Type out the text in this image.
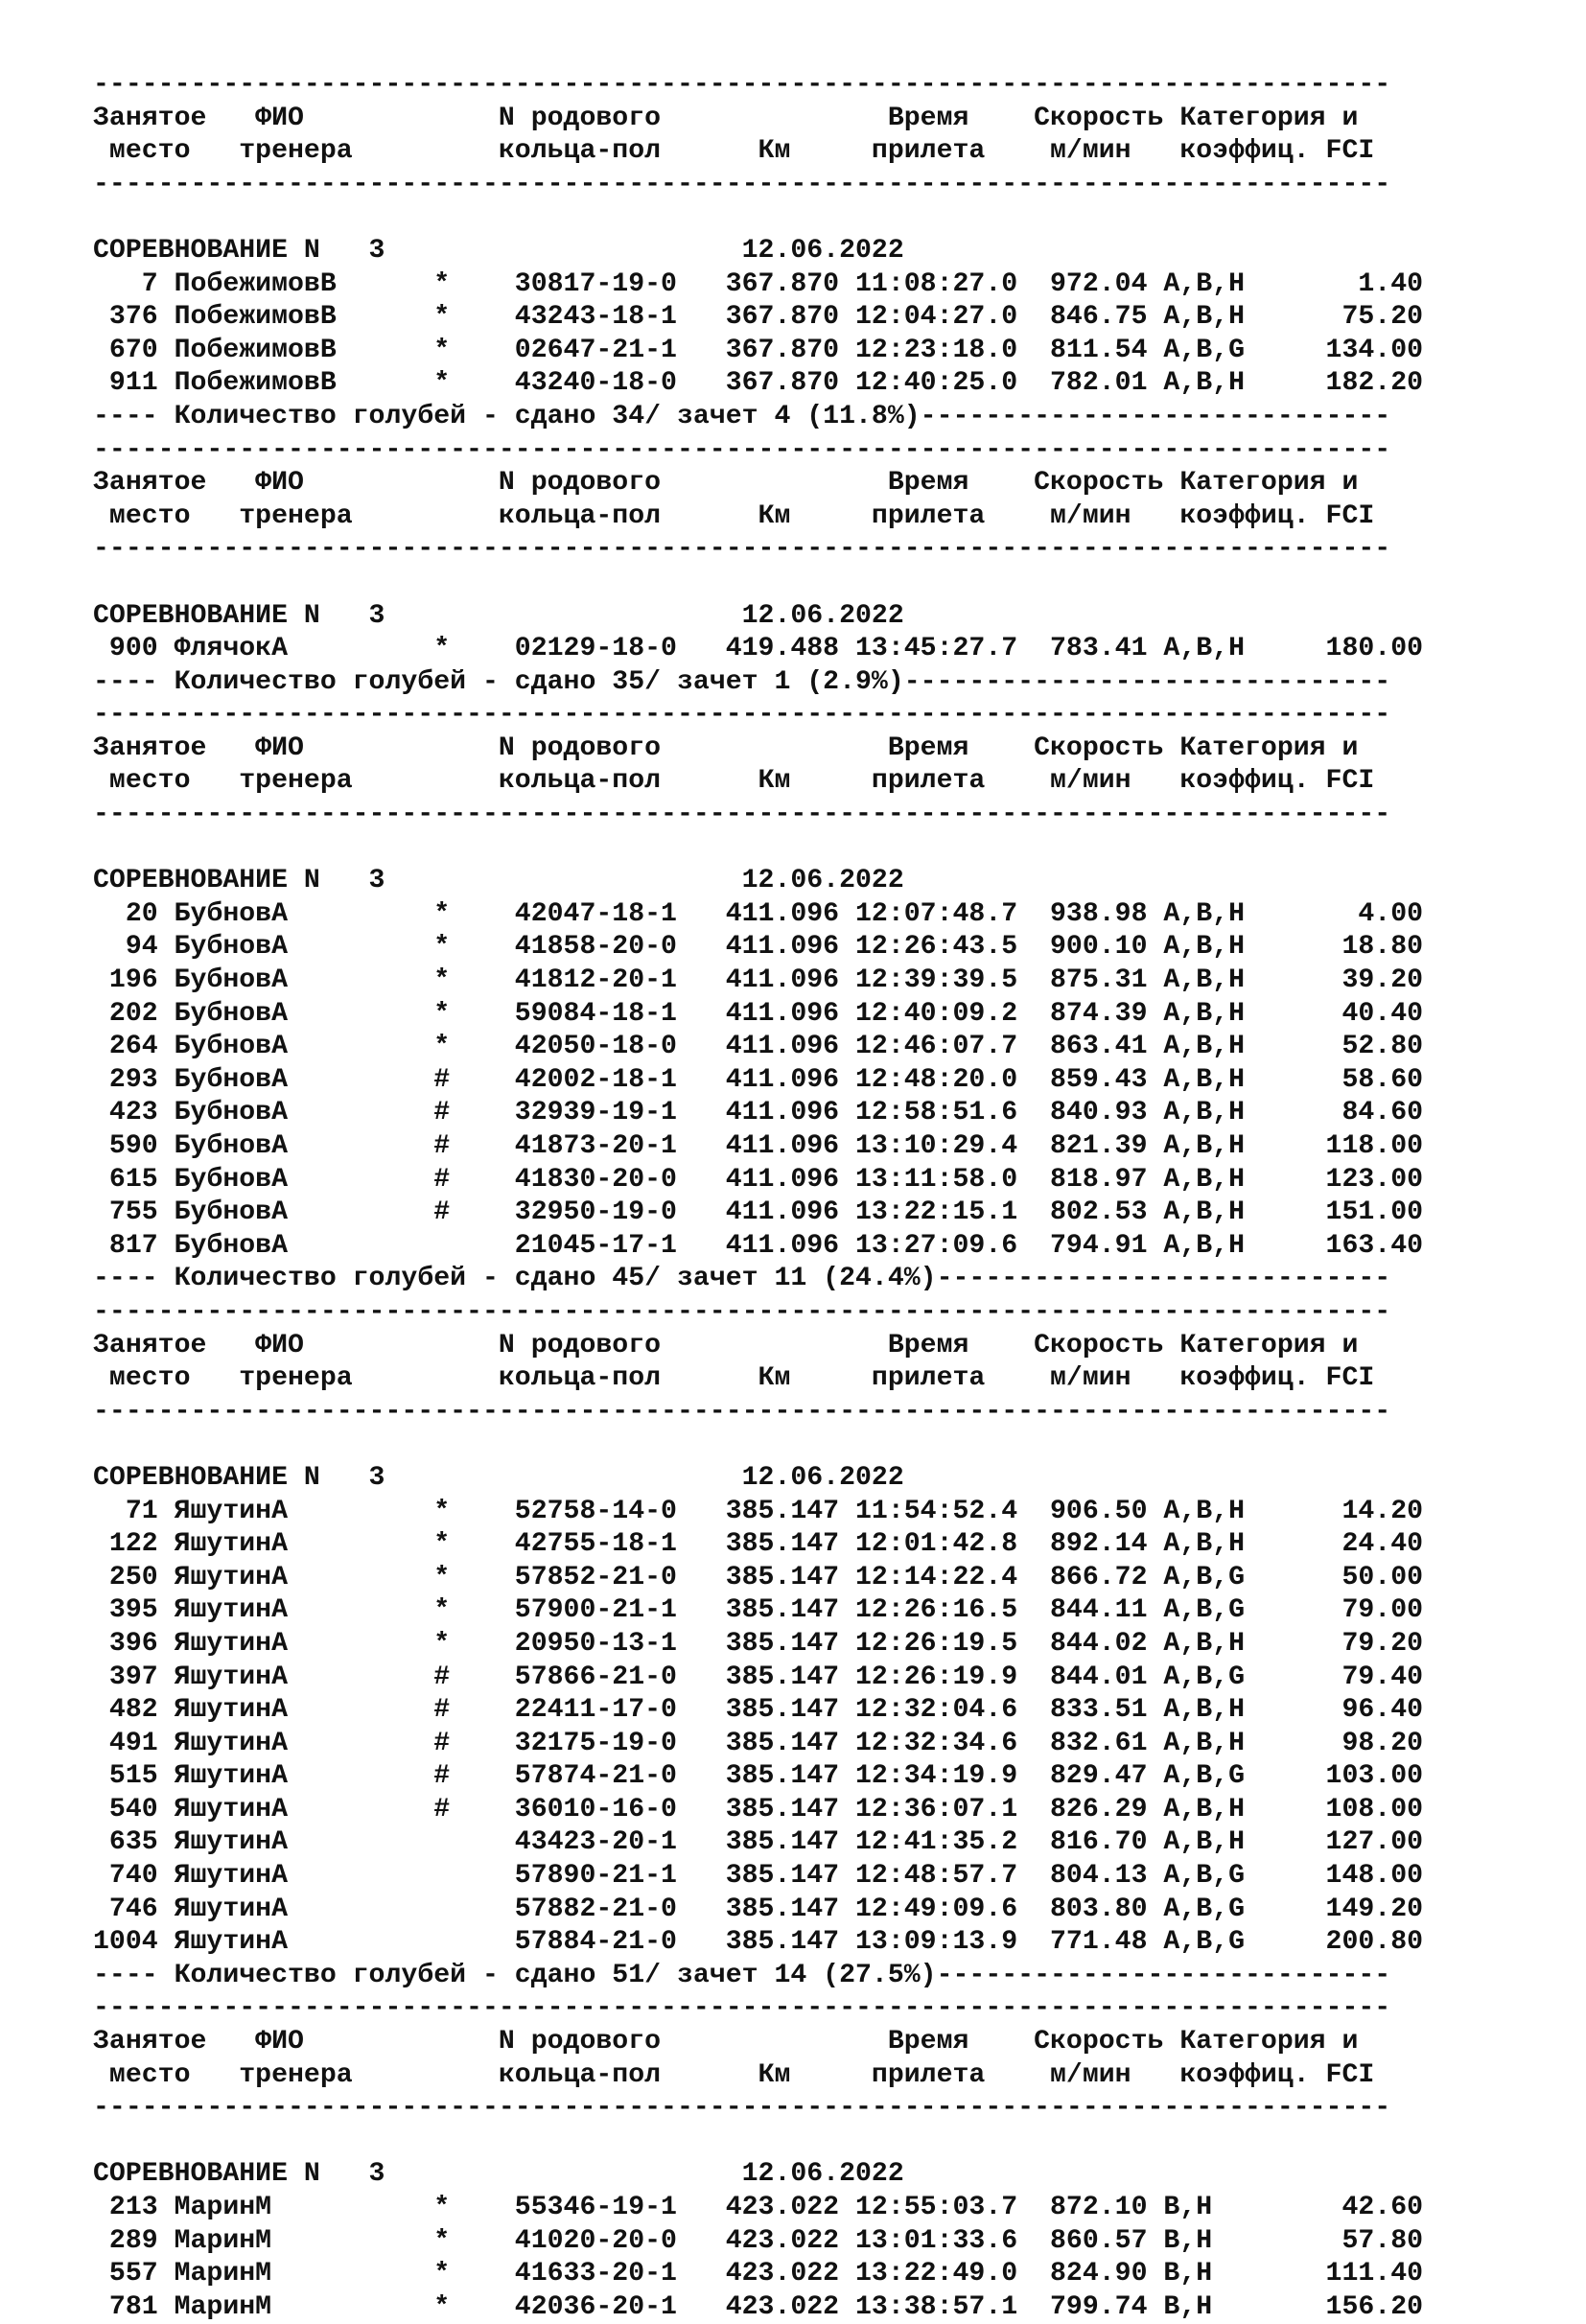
--------------------------------------------------------------------------------
Занятое   ФИО            N родового              Время    Скорость Категория и
место   тренера         кольца-пол      Км     прилета    м/мин   коэффиц. FCI
--------------------------------------------------------------------------------
СОРЕВНОВАНИЕ N   3                      12.06.2022
7 ПобежимовВ      *    30817-19-0   367.870 11:08:27.0  972.04 A,B,H       1.40
376 ПобежимовВ      *    43243-18-1   367.870 12:04:27.0  846.75 A,B,H      75.20
670 ПобежимовВ      *    02647-21-1   367.870 12:23:18.0  811.54 A,B,G     134.00
911 ПобежимовВ      *    43240-18-0   367.870 12:40:25.0  782.01 A,B,H     182.20
---- Количество голубей - сдано 34/ зачет 4 (11.8%)-----------------------------
--------------------------------------------------------------------------------
Занятое   ФИО            N родового              Время    Скорость Категория и
место   тренера         кольца-пол      Км     прилета    м/мин   коэффиц. FCI
--------------------------------------------------------------------------------
СОРЕВНОВАНИЕ N   3                      12.06.2022
900 ФлячокА         *    02129-18-0   419.488 13:45:27.7  783.41 A,B,H     180.00
---- Количество голубей - сдано 35/ зачет 1 (2.9%)------------------------------
--------------------------------------------------------------------------------
Занятое   ФИО            N родового              Время    Скорость Категория и
место   тренера         кольца-пол      Км     прилета    м/мин   коэффиц. FCI
--------------------------------------------------------------------------------
СОРЕВНОВАНИЕ N   3                      12.06.2022
20 БубновА         *    42047-18-1   411.096 12:07:48.7  938.98 A,B,H       4.00
94 БубновА         *    41858-20-0   411.096 12:26:43.5  900.10 A,B,H      18.80
196 БубновА         *    41812-20-1   411.096 12:39:39.5  875.31 A,B,H      39.20
202 БубновА         *    59084-18-1   411.096 12:40:09.2  874.39 A,B,H      40.40
264 БубновА         *    42050-18-0   411.096 12:46:07.7  863.41 A,B,H      52.80
293 БубновА         #    42002-18-1   411.096 12:48:20.0  859.43 A,B,H      58.60
423 БубновА         #    32939-19-1   411.096 12:58:51.6  840.93 A,B,H      84.60
590 БубновА         #    41873-20-1   411.096 13:10:29.4  821.39 A,B,H     118.00
615 БубновА         #    41830-20-0   411.096 13:11:58.0  818.97 A,B,H     123.00
755 БубновА         #    32950-19-0   411.096 13:22:15.1  802.53 A,B,H     151.00
817 БубновА              21045-17-1   411.096 13:27:09.6  794.91 A,B,H     163.40
---- Количество голубей - сдано 45/ зачет 11 (24.4%)----------------------------
--------------------------------------------------------------------------------
Занятое   ФИО            N родового              Время    Скорость Категория и
место   тренера         кольца-пол      Км     прилета    м/мин   коэффиц. FCI
--------------------------------------------------------------------------------
СОРЕВНОВАНИЕ N   3                      12.06.2022
71 ЯшутинА         *    52758-14-0   385.147 11:54:52.4  906.50 A,B,H      14.20
122 ЯшутинА         *    42755-18-1   385.147 12:01:42.8  892.14 A,B,H      24.40
250 ЯшутинА         *    57852-21-0   385.147 12:14:22.4  866.72 A,B,G      50.00
395 ЯшутинА         *    57900-21-1   385.147 12:26:16.5  844.11 A,B,G      79.00
396 ЯшутинА         *    20950-13-1   385.147 12:26:19.5  844.02 A,B,H      79.20
397 ЯшутинА         #    57866-21-0   385.147 12:26:19.9  844.01 A,B,G      79.40
482 ЯшутинА         #    22411-17-0   385.147 12:32:04.6  833.51 A,B,H      96.40
491 ЯшутинА         #    32175-19-0   385.147 12:32:34.6  832.61 A,B,H      98.20
515 ЯшутинА         #    57874-21-0   385.147 12:34:19.9  829.47 A,B,G     103.00
540 ЯшутинА         #    36010-16-0   385.147 12:36:07.1  826.29 A,B,H     108.00
635 ЯшутинА              43423-20-1   385.147 12:41:35.2  816.70 A,B,H     127.00
740 ЯшутинА              57890-21-1   385.147 12:48:57.7  804.13 A,B,G     148.00
746 ЯшутинА              57882-21-0   385.147 12:49:09.6  803.80 A,B,G     149.20
1004 ЯшутинА              57884-21-0   385.147 13:09:13.9  771.48 A,B,G     200.80
---- Количество голубей - сдано 51/ зачет 14 (27.5%)----------------------------
--------------------------------------------------------------------------------
Занятое   ФИО            N родового              Время    Скорость Категория и
место   тренера         кольца-пол      Км     прилета    м/мин   коэффиц. FCI
--------------------------------------------------------------------------------
СОРЕВНОВАНИЕ N   3                      12.06.2022
213 МаринМ          *    55346-19-1   423.022 12:55:03.7  872.10 B,H        42.60
289 МаринМ          *    41020-20-0   423.022 13:01:33.6  860.57 B,H        57.80
557 МаринМ          *    41633-20-1   423.022 13:22:49.0  824.90 B,H       111.40
781 МаринМ          *    42036-20-1   423.022 13:38:57.1  799.74 B,H       156.20
